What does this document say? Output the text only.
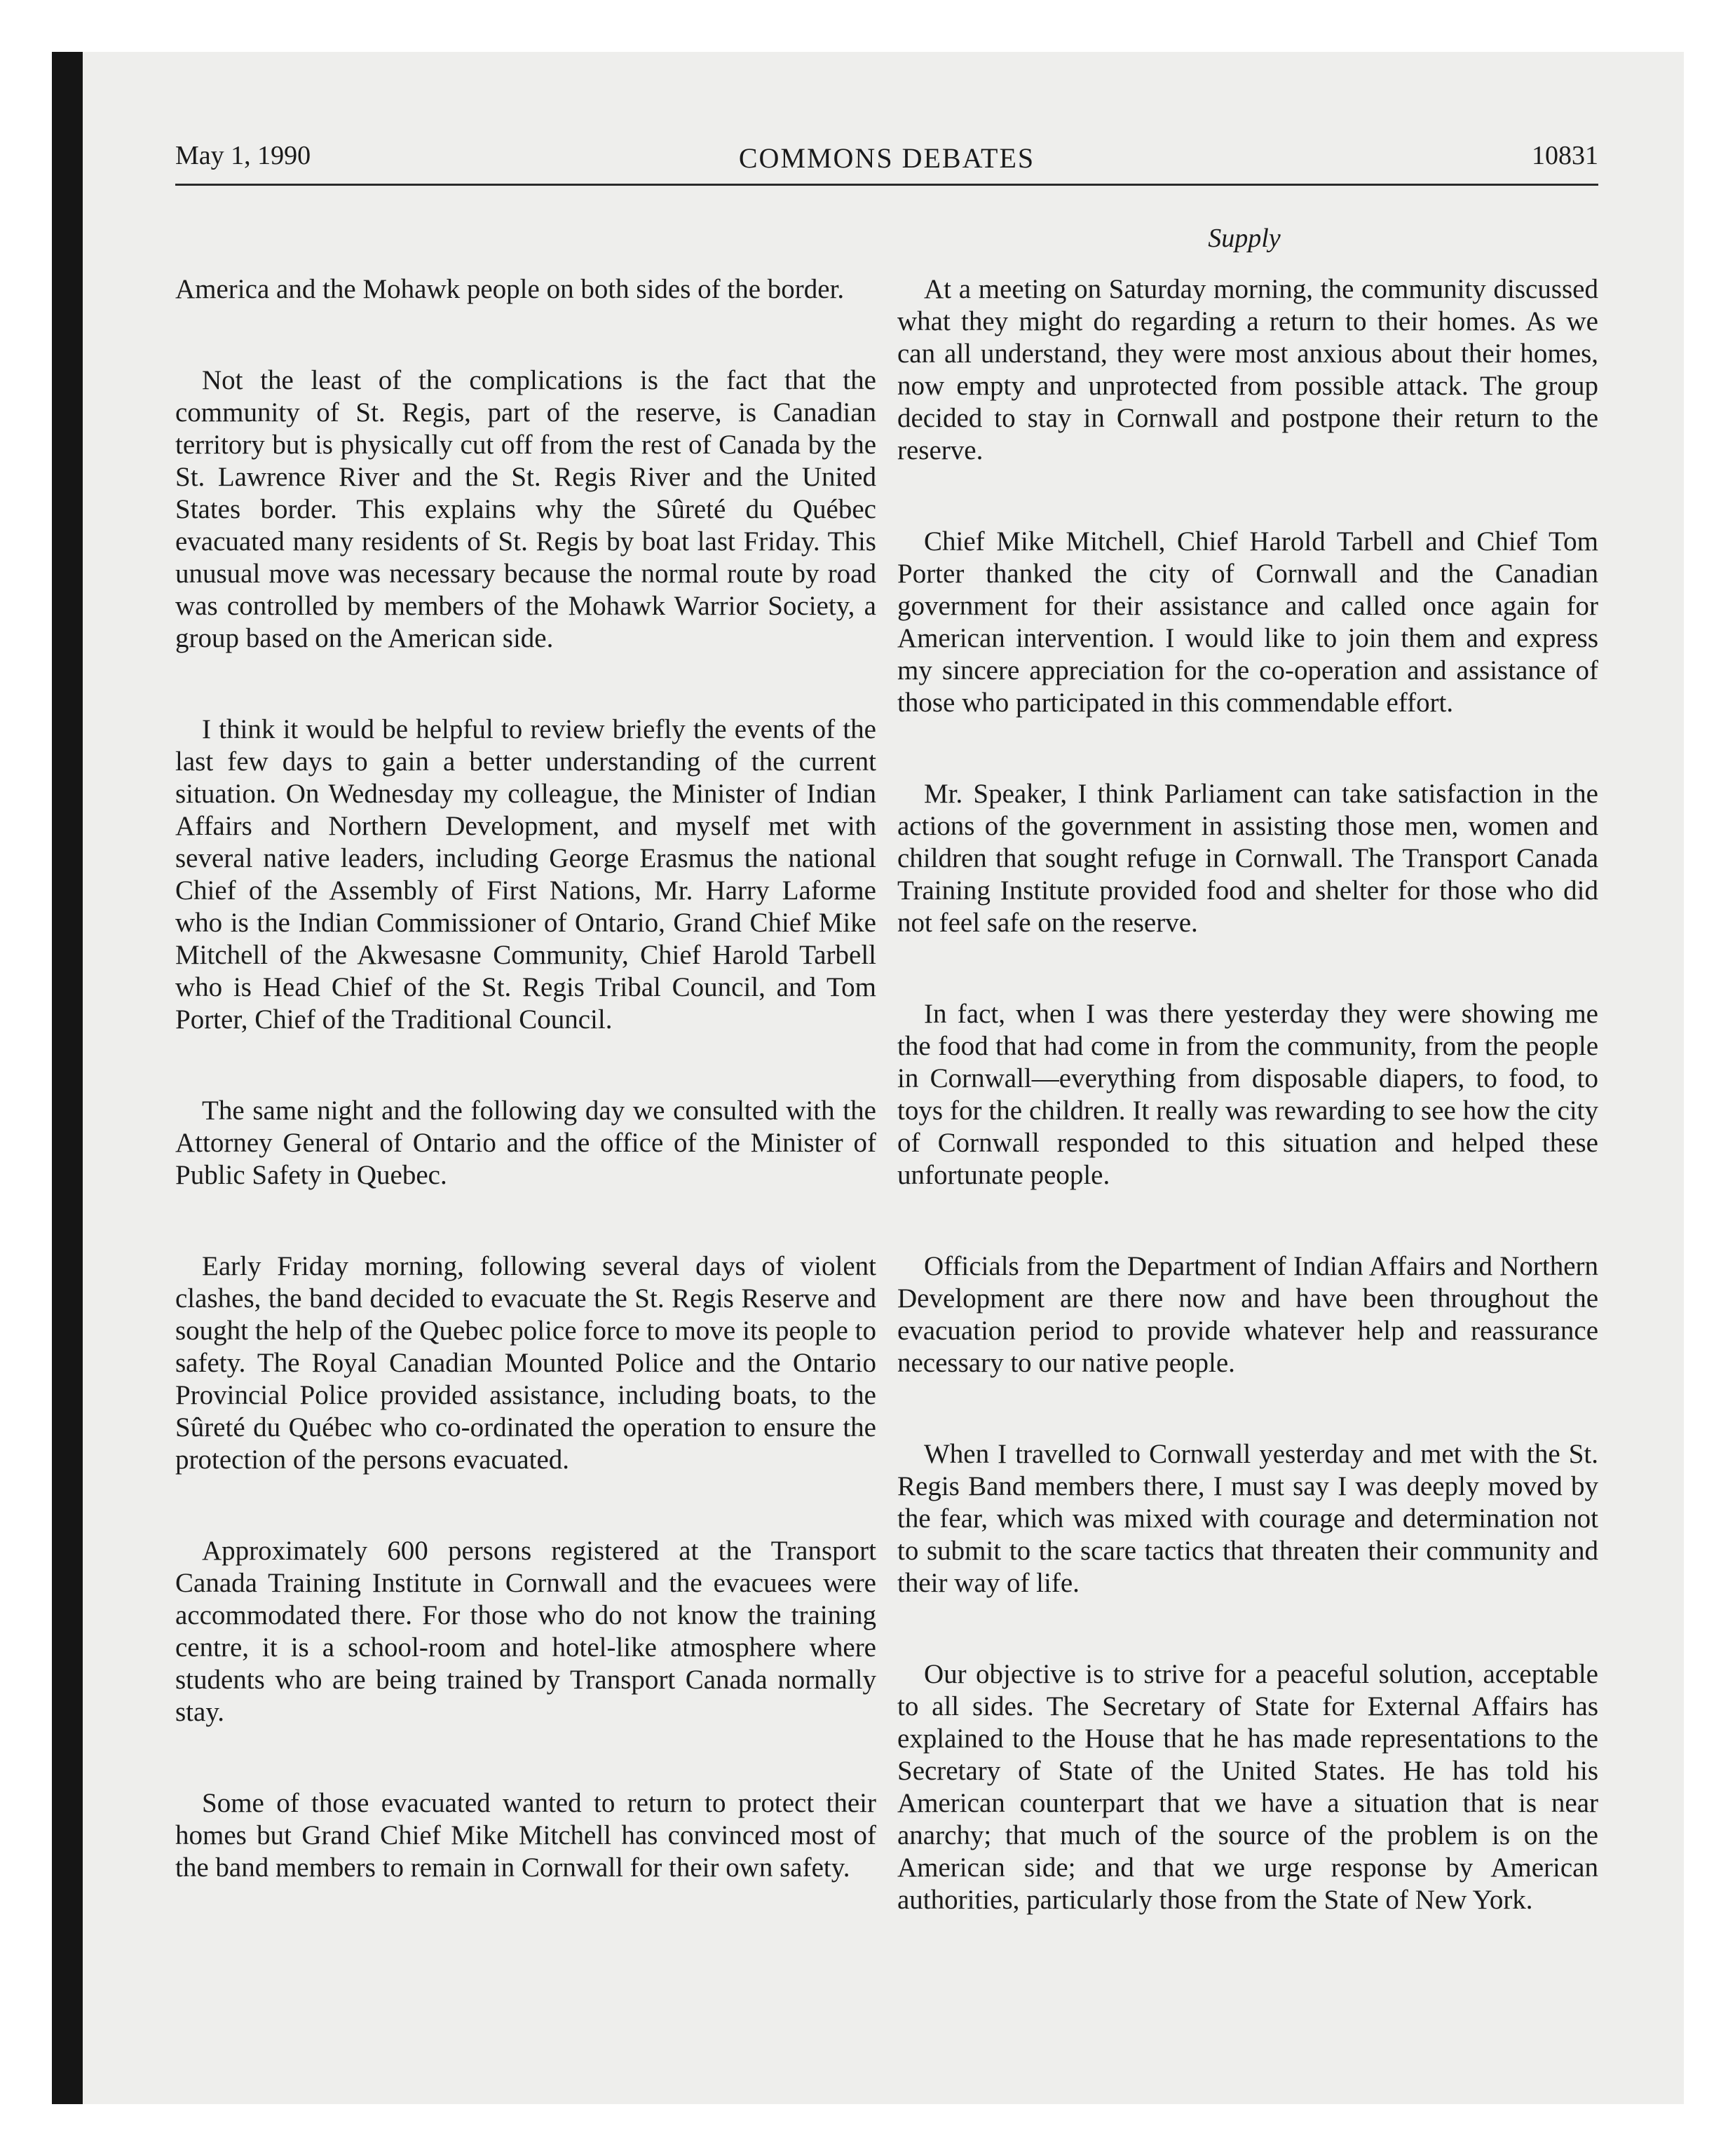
May 1, 1990	COMMONS DEBATES	10831
Supply

America and the Mohawk people on both sides of the border.

Not the least of the complications is the fact that the community of St. Regis, part of the reserve, is Canadian territory but is physically cut off from the rest of Canada by the St. Lawrence River and the St. Regis River and the United States border. This explains why the Sûreté du Québec evacuated many residents of St. Regis by boat last Friday. This unusual move was necessary because the normal route by road was controlled by members of the Mohawk Warrior Society, a group based on the American side.

I think it would be helpful to review briefly the events of the last few days to gain a better understanding of the current situation. On Wednesday my colleague, the Minister of Indian Affairs and Northern Development, and myself met with several native leaders, including George Erasmus the national Chief of the Assembly of First Nations, Mr. Harry Laforme who is the Indian Commissioner of Ontario, Grand Chief Mike Mitchell of the Akwesasne Community, Chief Harold Tarbell who is Head Chief of the St. Regis Tribal Council, and Tom Porter, Chief of the Traditional Council.

The same night and the following day we consulted with the Attorney General of Ontario and the office of the Minister of Public Safety in Quebec.

Early Friday morning, following several days of violent clashes, the band decided to evacuate the St. Regis Reserve and sought the help of the Quebec police force to move its people to safety. The Royal Canadian Mounted Police and the Ontario Provincial Police provided assistance, including boats, to the Sûreté du Québec who co-ordinated the operation to ensure the protection of the persons evacuated.

Approximately 600 persons registered at the Transport Canada Training Institute in Cornwall and the evacuees were accommodated there. For those who do not know the training centre, it is a school-room and hotel-like atmosphere where students who are being trained by Transport Canada normally stay.

Some of those evacuated wanted to return to protect their homes but Grand Chief Mike Mitchell has convinced most of the band members to remain in Cornwall for their own safety.

At a meeting on Saturday morning, the community discussed what they might do regarding a return to their homes. As we can all understand, they were most anxious about their homes, now empty and unprotected from possible attack. The group decided to stay in Cornwall and postpone their return to the reserve.

Chief Mike Mitchell, Chief Harold Tarbell and Chief Tom Porter thanked the city of Cornwall and the Canadian government for their assistance and called once again for American intervention. I would like to join them and express my sincere appreciation for the co-operation and assistance of those who participated in this commendable effort.

Mr. Speaker, I think Parliament can take satisfaction in the actions of the government in assisting those men, women and children that sought refuge in Cornwall. The Transport Canada Training Institute provided food and shelter for those who did not feel safe on the reserve.

In fact, when I was there yesterday they were showing me the food that had come in from the community, from the people in Cornwall—everything from disposable diapers, to food, to toys for the children. It really was rewarding to see how the city of Cornwall responded to this situation and helped these unfortunate people.

Officials from the Department of Indian Affairs and Northern Development are there now and have been throughout the evacuation period to provide whatever help and reassurance necessary to our native people.

When I travelled to Cornwall yesterday and met with the St. Regis Band members there, I must say I was deeply moved by the fear, which was mixed with courage and determination not to submit to the scare tactics that threaten their community and their way of life.

Our objective is to strive for a peaceful solution, acceptable to all sides. The Secretary of State for External Affairs has explained to the House that he has made representations to the Secretary of State of the United States. He has told his American counterpart that we have a situation that is near anarchy; that much of the source of the problem is on the American side; and that we urge response by American authorities, particularly those from the State of New York.
